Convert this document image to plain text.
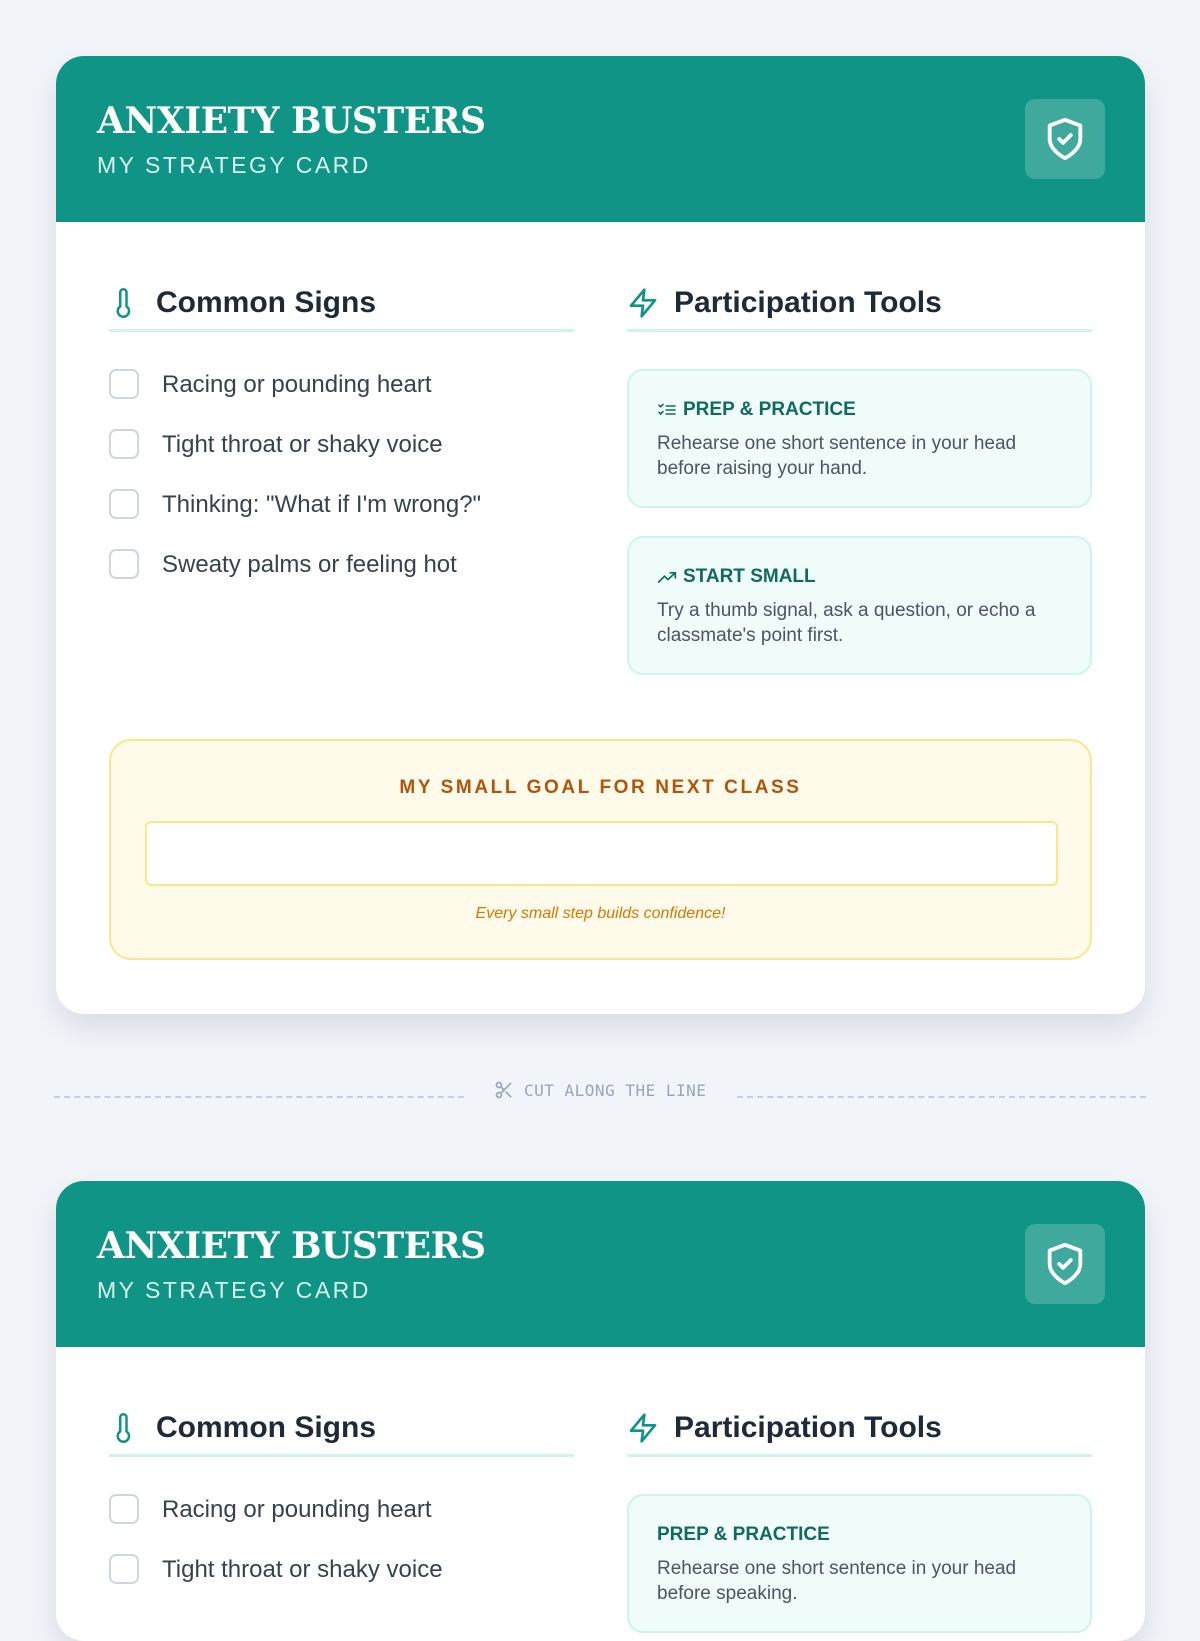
ANXIETY BUSTERS
MY STRATEGY CARD
Common Signs
Racing or pounding heart
Tight throat or shaky voice
Thinking: "What if I'm wrong?"
Sweaty palms or feeling hot
Participation Tools
PREP & PRACTICE
Rehearse one short sentence in your head before raising your hand.
START SMALL
Try a thumb signal, ask a question, or echo a classmate's point first.
MY SMALL GOAL FOR NEXT CLASS
Every small step builds confidence!
CUT ALONG THE LINE
ANXIETY BUSTERS
MY STRATEGY CARD
Common Signs
Racing or pounding heart
Tight throat or shaky voice
Participation Tools
PREP & PRACTICE
Rehearse one short sentence in your head before speaking.
